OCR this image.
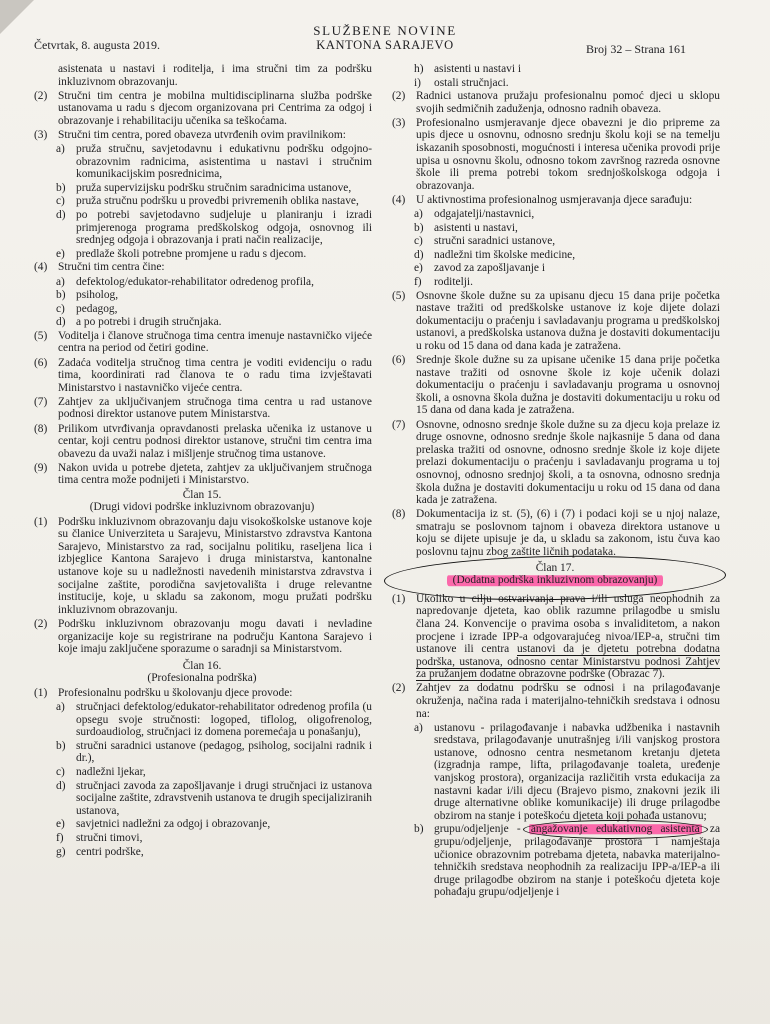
SLUŽBENE NOVINE
KANTONA SARAJEVO
Četvrtak, 8. augusta 2019.	Broj 32 – Strana 161
asistenata u nastavi i roditelja, i ima stručni tim za podršku inkluzivnom obrazovanju.
(2) Stručni tim centra je mobilna multidisciplinarna služba podrške ustanovama u radu s djecom organizovana pri Centrima za odgoj i obrazovanje i rehabilitaciju učenika sa teškoćama.
(3) Stručni tim centra, pored obaveza utvrđenih ovim pravilnikom:
a) pruža stručnu, savjetodavnu i edukativnu podršku odgojno-obrazovnim radnicima, asistentima u nastavi i stručnim komunikacijskim posrednicima,
b) pruža supervizijsku podršku stručnim saradnicima ustanove,
c) pruža stručnu podršku u provedbi privremenih oblika nastave,
d) po potrebi savjetodavno sudjeluje u planiranju i izradi primjerenoga programa predškolskog odgoja, osnovnog ili srednjeg odgoja i obrazovanja i prati način realizacije,
e) predlaže školi potrebne promjene u radu s djecom.
(4) Stručni tim centra čine:
a) defektolog/edukator-rehabilitator odredenog profila,
b) psiholog,
c) pedagog,
d) a po potrebi i drugih stručnjaka.
(5) Voditelja i članove stručnoga tima centra imenuje nastavničko vijeće centra na period od četiri godine.
(6) Zadaća voditelja stručnog tima centra je voditi evidenciju o radu tima, koordinirati rad članova te o radu tima izvještavati Ministarstvo i nastavničko vijeće centra.
(7) Zahtjev za uključivanjem stručnoga tima centra u rad ustanove podnosi direktor ustanove putem Ministarstva.
(8) Prilikom utvrđivanja opravdanosti prelaska učenika iz ustanove u centar, koji centru podnosi direktor ustanove, stručni tim centra ima obavezu da uvaži nalaz i mišljenje stručnog tima ustanove.
(9) Nakon uvida u potrebe djeteta, zahtjev za uključivanjem stručnoga tima centra može podnijeti i Ministarstvo.
Član 15.
(Drugi vidovi podrške inkluzivnom obrazovanju)
(1) Podršku inkluzivnom obrazovanju daju visokoškolske ustanove koje su članice Univerziteta u Sarajevu, Ministarstvo zdravstva Kantona Sarajevo, Ministarstvo za rad, socijalnu politiku, raseljena lica i izbjeglice Kantona Sarajevo i druga ministarstva, kantonalne ustanove koje su u nadležnosti navedenih ministarstva zdravstva i socijalne zaštite, porodična savjetovališta i druge relevantne institucije, koje, u skladu sa zakonom, mogu pružati podršku inkluzivnom obrazovanju.
(2) Podršku inkluzivnom obrazovanju mogu davati i nevladine organizacije koje su registrirane na području Kantona Sarajevo i koje imaju zaključene sporazume o saradnji sa Ministarstvom.
Član 16.
(Profesionalna podrška)
(1) Profesionalnu podršku u školovanju djece provode:
a) stručnjaci defektolog/edukator-rehabilitator odredenog profila (u opsegu svoje stručnosti: logoped, tiflolog, oligofrenolog, surdoaudiolog, stručnjaci iz domena poremećaja u ponašanju),
b) stručni saradnici ustanove (pedagog, psiholog, socijalni radnik i dr.),
c) nadležni ljekar,
d) stručnjaci zavoda za zapošljavanje i drugi stručnjaci iz ustanova socijalne zaštite, zdravstvenih ustanova te drugih specijaliziranih ustanova,
e) savjetnici nadležni za odgoj i obrazovanje,
f)	stručni timovi,
g) centri podrške,
h) asistenti u nastavi i
i)	ostali stručnjaci.
(2) Radnici ustanova pružaju profesionalnu pomoć djeci u sklopu svojih sedmičnih zaduženja, odnosno radnih obaveza.
(3) Profesionalno usmjeravanje djece obavezni je dio pripreme za upis djece u osnovnu, odnosno srednju školu koji se na temelju iskazanih sposobnosti, mogućnosti i interesa učenika provodi prije upisa u osnovnu školu, odnosno tokom završnog razreda osnovne škole ili prema potrebi tokom srednjoškolskoga odgoja i obrazovanja.
(4) U aktivnostima profesionalnog usmjeravanja djece sarađuju:
a) odgajatelji/nastavnici,
b) asistenti u nastavi,
c) stručni saradnici ustanove,
d) nadležni tim školske medicine,
e) zavod za zapošljavanje i
f)	roditelji.
(5) Osnovne škole dužne su za upisanu djecu 15 dana prije početka nastave tražiti od predškolske ustanove iz koje dijete dolazi dokumentaciju o praćenju i savladavanju programa u predškolskoj ustanovi, a predškolska ustanova dužna je dostaviti dokumentaciju u roku od 15 dana od dana kada je zatražena.
(6) Srednje škole dužne su za upisane učenike 15 dana prije početka nastave tražiti od osnovne škole iz koje učenik dolazi dokumentaciju o praćenju i savladavanju programa u osnovnoj školi, a osnovna škola dužna je dostaviti dokumentaciju u roku od 15 dana od dana kada je zatražena.
(7) Osnovne, odnosno srednje škole dužne su za djecu koja prelaze iz druge osnovne, odnosno srednje škole najkasnije 5 dana od dana prelaska tražiti od osnovne, odnosno srednje škole iz koje dijete prelazi dokumentaciju o praćenju i savladavanju programa u toj osnovnoj, odnosno srednjoj školi, a ta osnovna, odnosno srednja škola dužna je dostaviti dokumentaciju u roku od 15 dana od dana kada je zatražena.
(8) Dokumentacija iz st. (5), (6) i (7) i podaci koji se u njoj nalaze, smatraju se poslovnom tajnom i obaveza direktora ustanove u koju se dijete upisuje je da, u skladu sa zakonom, istu čuva kao poslovnu tajnu zbog zaštite ličnih podataka.
Član 17.
(Dodatna podrška inkluzivnom obrazovanju)
(1) Ukoliko u cilju ostvarivanja prava i/ili usluga neophodnih za napredovanje djeteta, kao oblik razumne prilagodbe u smislu člana 24. Konvencije o pravima osoba s invaliditetom, a nakon procjene i izrade IPP-a odgovarajućeg nivoa/IEP-a, stručni tim ustanove ili centra ustanovi da je djetetu potrebna dodatna podrška, ustanova, odnosno centar Ministarstvu podnosi Zahtjev za pružanjem dodatne obrazovne podrške (Obrazac 7).
(2) Zahtjev za dodatnu podršku se odnosi i na prilagođavanje okruženja, načina rada i materijalno-tehničkih sredstava i odnosu na:
a) ustanovu - prilagođavanje i nabavka udžbenika i nastavnih sredstava, prilagođavanje unutrašnjeg i/ili vanjskog prostora ustanove, odnosno centra nesmetanom kretanju djeteta (izgradnja rampe, lifta, prilagođavanje toaleta, uređenje vanjskog prostora), organizacija različitih vrsta edukacija za nastavni kadar i/ili djecu (Brajevo pismo, znakovni jezik ili druge alternativne oblike komunikacije) ili druge prilagodbe obzirom na stanje i poteškoću djeteta koji pohađa ustanovu;
b) grupu/odjeljenje -
angažovanje edukativnog asistenta za grupu/odjeljenje, prilagođavanje prostora i namještaja učionice obrazovnim potrebama djeteta, nabavka materijalno-tehničkih sredstava neophodnih za realizaciju IPP-a/IEP-a ili druge prilagodbe obzirom na stanje i poteškoću djeteta koje pohađaju grupu/odjeljenje i
